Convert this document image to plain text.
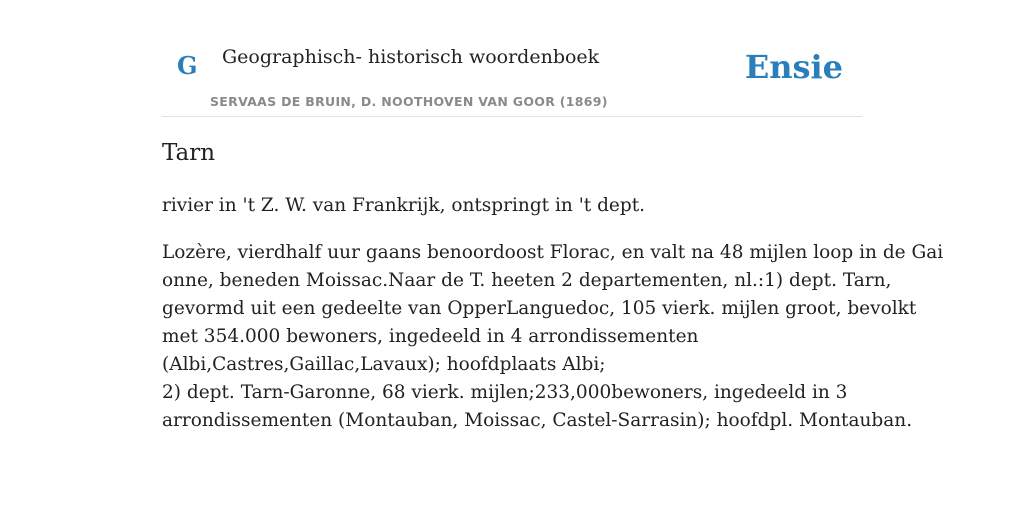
G Geographisch- historisch woordenboek
SERVAAS DE BRUIN, D. NOOTHOVEN VAN GOOR (1869)
Ensie
Tarn

rivier in 't Z. W. van Frankrijk, ontspringt in 't dept.

Lozère, vierdhalf uur gaans benoordoost Florac, en valt na 48 mijlen loop in de Gai
onne, beneden Moissac.Naar de T. heeten 2 departementen, nl.:1) dept. Tarn,
gevormd uit een gedeelte van OpperLanguedoc, 105 vierk. mijlen groot, bevolkt
met 354.000 bewoners, ingedeeld in 4 arrondissementen
(Albi,Castres,Gaillac,Lavaux); hoofdplaats Albi;
2) dept. Tarn-Garonne, 68 vierk. mijlen;233,000bewoners, ingedeeld in 3
arrondissementen (Montauban, Moissac, Castel-Sarrasin); hoofdpl. Montauban.
